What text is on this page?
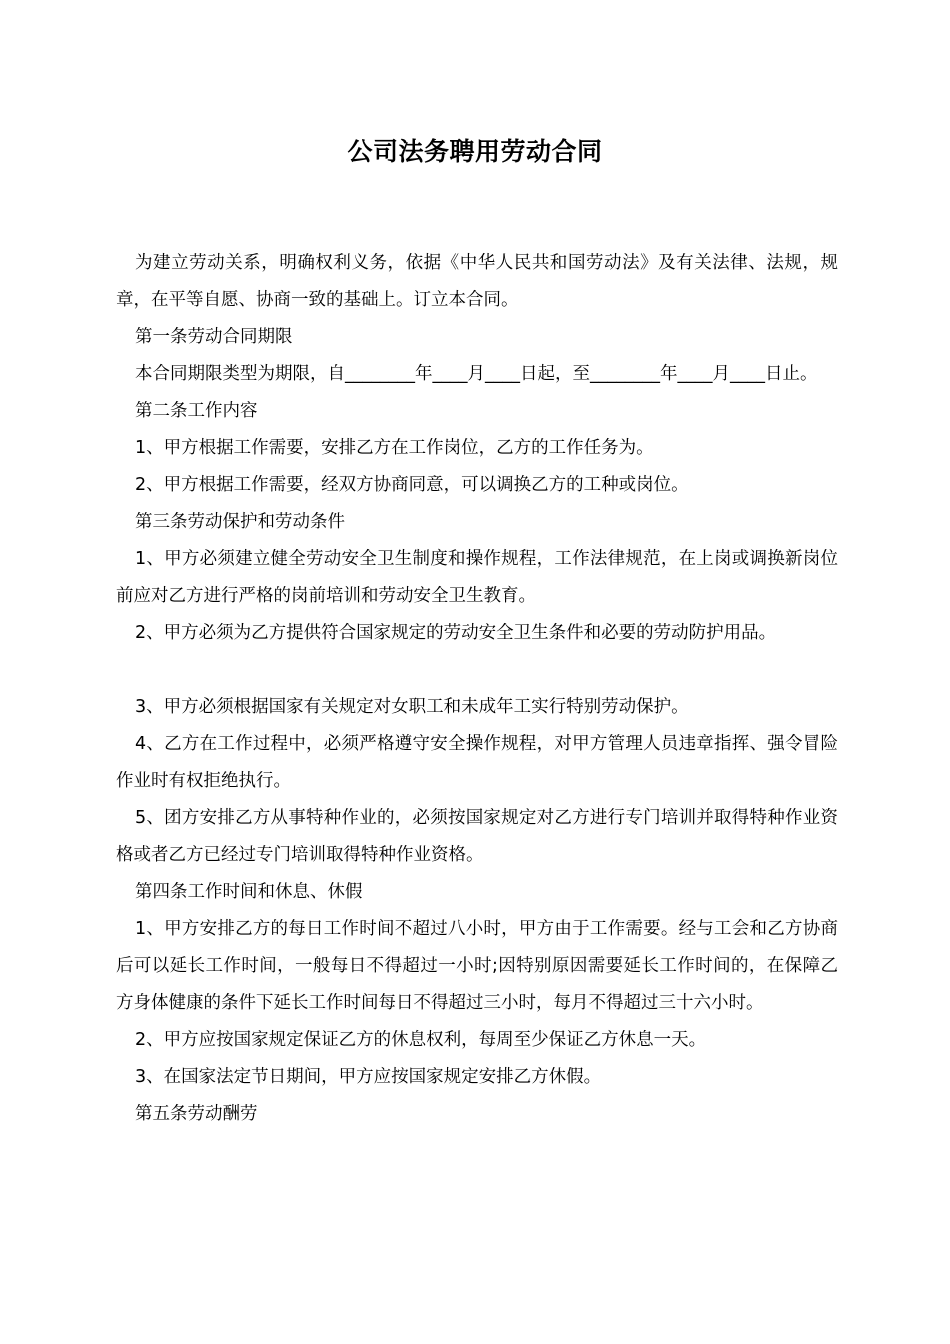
公司法务聘用劳动合同

为建立劳动关系，明确权利义务，依据《中华人民共和国劳动法》及有关法律、法规，规章，在平等自愿、协商一致的基础上。订立本合同。

第一条劳动合同期限

本合同期限类型为期限，自________年____月____日起，至________年____月____日止。

第二条工作内容

1、甲方根据工作需要，安排乙方在工作岗位，乙方的工作任务为。

2、甲方根据工作需要，经双方协商同意，可以调换乙方的工种或岗位。

第三条劳动保护和劳动条件

1、甲方必须建立健全劳动安全卫生制度和操作规程，工作法律规范，在上岗或调换新岗位前应对乙方进行严格的岗前培训和劳动安全卫生教育。

2、甲方必须为乙方提供符合国家规定的劳动安全卫生条件和必要的劳动防护用品。

3、甲方必须根据国家有关规定对女职工和未成年工实行特别劳动保护。

4、乙方在工作过程中，必须严格遵守安全操作规程，对甲方管理人员违章指挥、强令冒险作业时有权拒绝执行。

5、团方安排乙方从事特种作业的，必须按国家规定对乙方进行专门培训并取得特种作业资格或者乙方已经过专门培训取得特种作业资格。

第四条工作时间和休息、休假

1、甲方安排乙方的每日工作时间不超过八小时，甲方由于工作需要。经与工会和乙方协商后可以延长工作时间，一般每日不得超过一小时;因特别原因需要延长工作时间的，在保障乙方身体健康的条件下延长工作时间每日不得超过三小时，每月不得超过三十六小时。

2、甲方应按国家规定保证乙方的休息权利，每周至少保证乙方休息一天。

3、在国家法定节日期间，甲方应按国家规定安排乙方休假。

第五条劳动酬劳
